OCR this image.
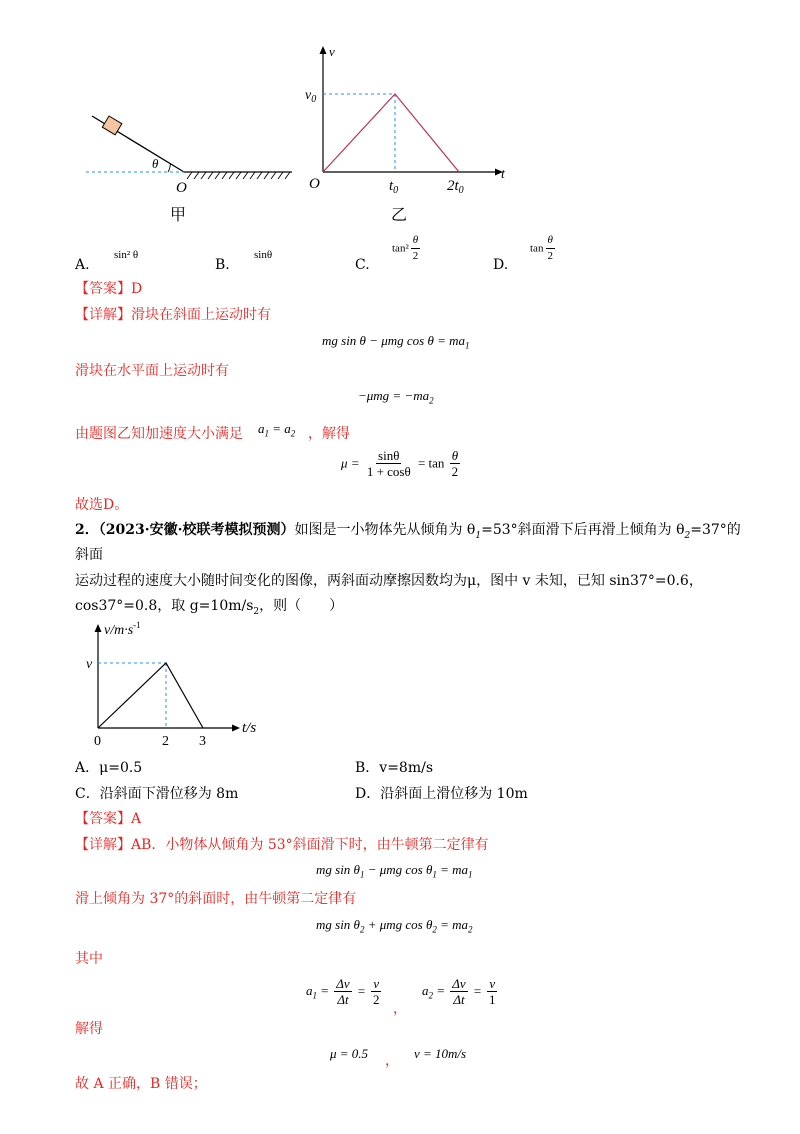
θ
O
甲
v
$v_0$
O	$t_0$	$2t_0$
t
乙
A.
sin² θ
B.
sinθ
C.
$\tan^2 \frac{\theta}{2}$
D.
$\tan \frac{\theta}{2}$
【答案】D
【详解】滑块在斜面上运动时有
mg sin θ − μmg $\cos \theta = ma_1$
滑块在水平面上运动时有
$-\mu mg = -ma_2$
由题图乙知加速度大小满足 $a_1 = a_2$ ，解得
$\mu = \frac{\sin\theta}{1 + \cos\theta} = \tan \frac{\theta}{2}$
故选D。
2．（2023·安徽·校联考模拟预测）如图是一小物体先从倾角为 $\theta_1=53^\circ$斜面滑下后再滑上倾角为 $\theta_2=37^\circ$的
斜面
运动过程的速度大小随时间变化的图像，两斜面动摩擦因数均为μ，图中 v 未知，已知 sin37°=0.6，
cos37°=0.8，取 $g=10m/s_2$，则（　　）
$v/m\cdot s^{-1}$
v
t/s
0	2 3
A．μ=0.5	B．v=8m/s
C．沿斜面下滑位移为 8m	D．沿斜面上滑位移为 10m
【答案】A
【详解】AB．小物体从倾角为 53°斜面滑下时，由牛顿第二定律有
mg $\sin \theta_1 - \mu mg$ $\cos \theta_1 = ma_1$
滑上倾角为 37°的斜面时，由牛顿第二定律有
mg $\sin \theta_2 + \mu mg$ $\cos \theta_2 = ma_2$
其中
$a_1 = \frac{\Delta v}{\Delta t} = \frac{v}{2}$
，
$a_2 = \frac{\Delta v}{\Delta t} = \frac{v}{1}$
解得
μ = 0.5 ， v = 10m/s
故 A 正确，B 错误；
